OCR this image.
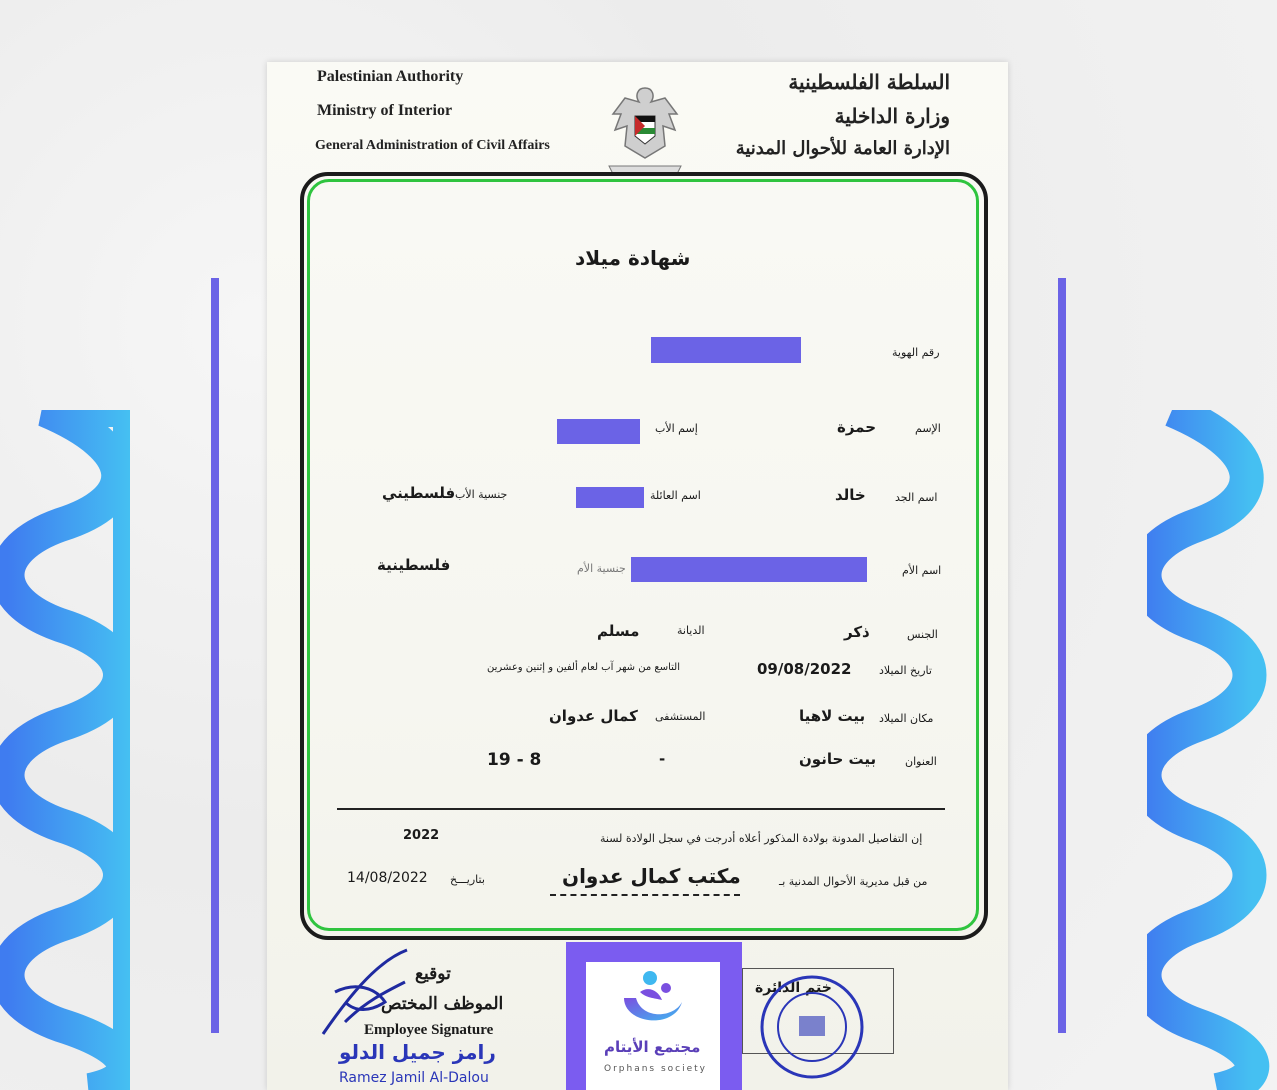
Palestinian Authority
Ministry of Interior
General Administration of Civil Affairs
السلطة الفلسطينية
وزارة الداخلية
الإدارة العامة للأحوال المدنية
شهادة ميلاد
رقم الهوية
الإسم
حمزة
إسم الأب
اسم الجد
خالد
اسم العائلة
جنسية الأب
فلسطيني
اسم الأم
جنسية الأم
فلسطينية
الجنس
ذكر
الديانة
مسلم
تاريخ الميلاد
09/08/2022
التاسع من شهر آب لعام ألفين و إثنين وعشرين
مكان الميلاد
بيت لاهيا
المستشفى
كمال عدوان
العنوان
بيت حانون
-
19 - 8
إن التفاصيل المدونة بولادة المذكور أعلاه أدرجت في سجل الولادة لسنة
2022
من قبل مديرية الأحوال المدنية بـ
مكتب كمال عدوان
بتاريـــخ
14/08/2022
توقيع
الموظف المختص
Employee Signature
رامز جميل الدلو
Ramez Jamil Al-Dalou
ختم الدائرة
مجتمع الأيتام
Orphans society
